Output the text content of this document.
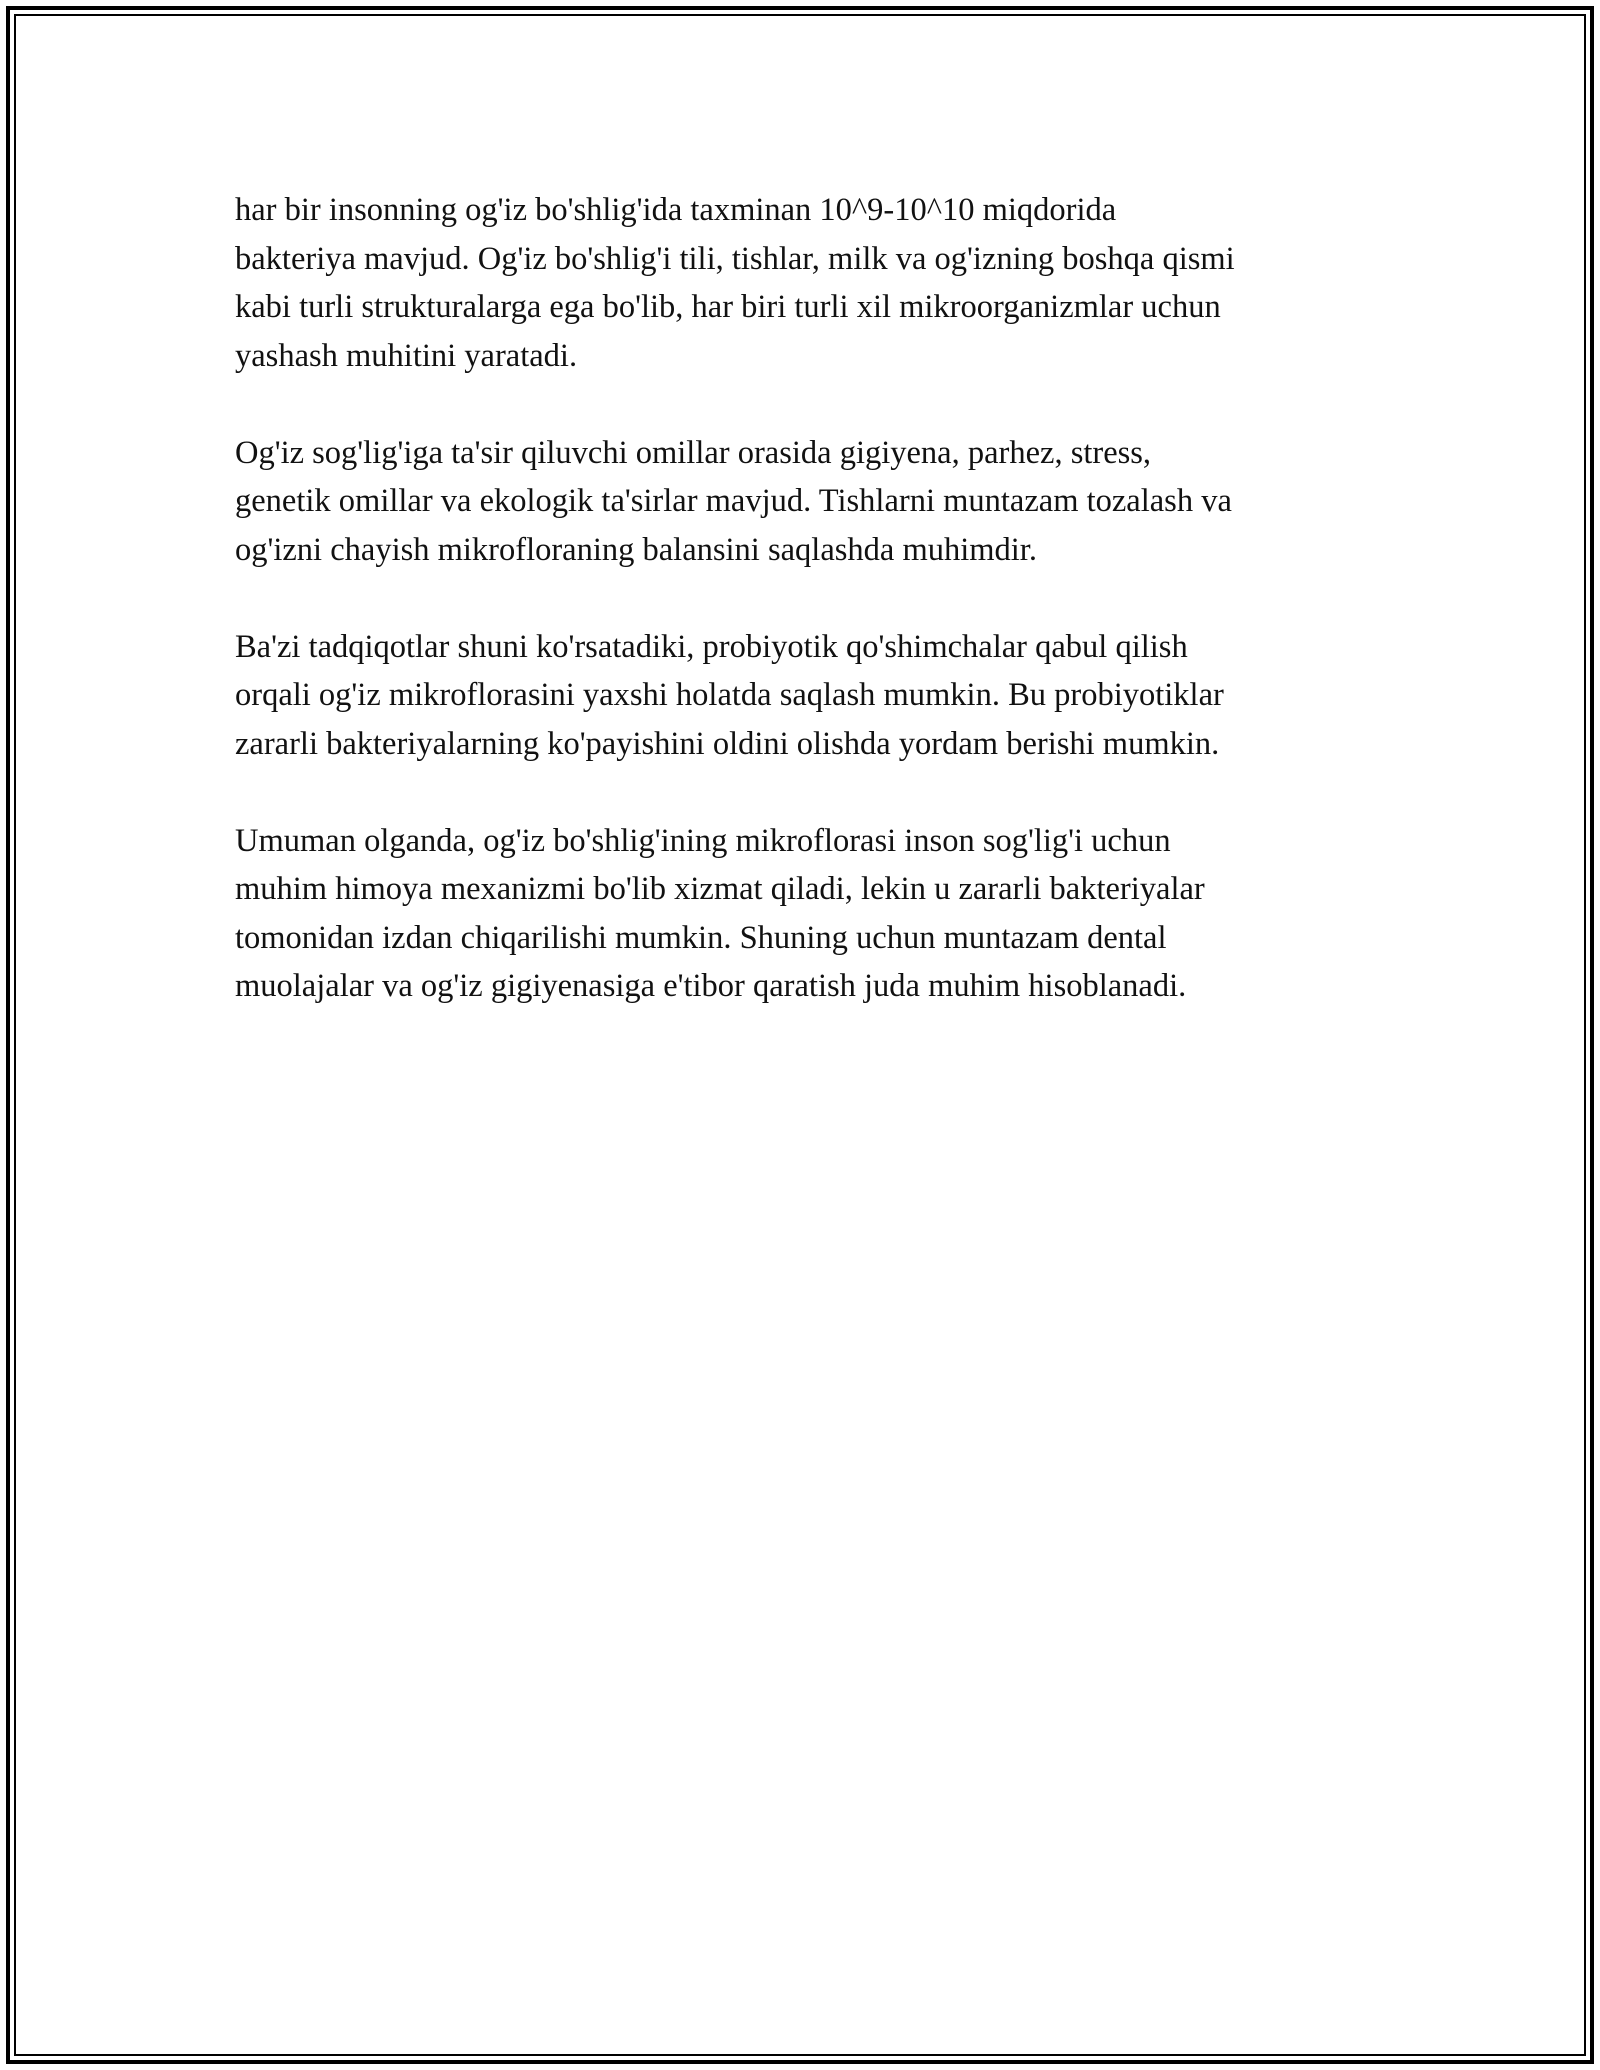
har bir insonning og'iz bo'shlig'ida taxminan 10^9-10^10 miqdorida
bakteriya mavjud. Og'iz bo'shlig'i tili, tishlar, milk va og'izning boshqa qismi
kabi turli strukturalarga ega bo'lib, har biri turli xil mikroorganizmlar uchun
yashash muhitini yaratadi.

Og'iz sog'lig'iga ta'sir qiluvchi omillar orasida gigiyena, parhez, stress,
genetik omillar va ekologik ta'sirlar mavjud. Tishlarni muntazam tozalash va
og'izni chayish mikrofloraning balansini saqlashda muhimdir.

Ba'zi tadqiqotlar shuni ko'rsatadiki, probiyotik qo'shimchalar qabul qilish
orqali og'iz mikroflorasini yaxshi holatda saqlash mumkin. Bu probiyotiklar
zararli bakteriyalarning ko'payishini oldini olishda yordam berishi mumkin.

Umuman olganda, og'iz bo'shlig'ining mikroflorasi inson sog'lig'i uchun
muhim himoya mexanizmi bo'lib xizmat qiladi, lekin u zararli bakteriyalar
tomonidan izdan chiqarilishi mumkin. Shuning uchun muntazam dental
muolajalar va og'iz gigiyenasiga e'tibor qaratish juda muhim hisoblanadi.
